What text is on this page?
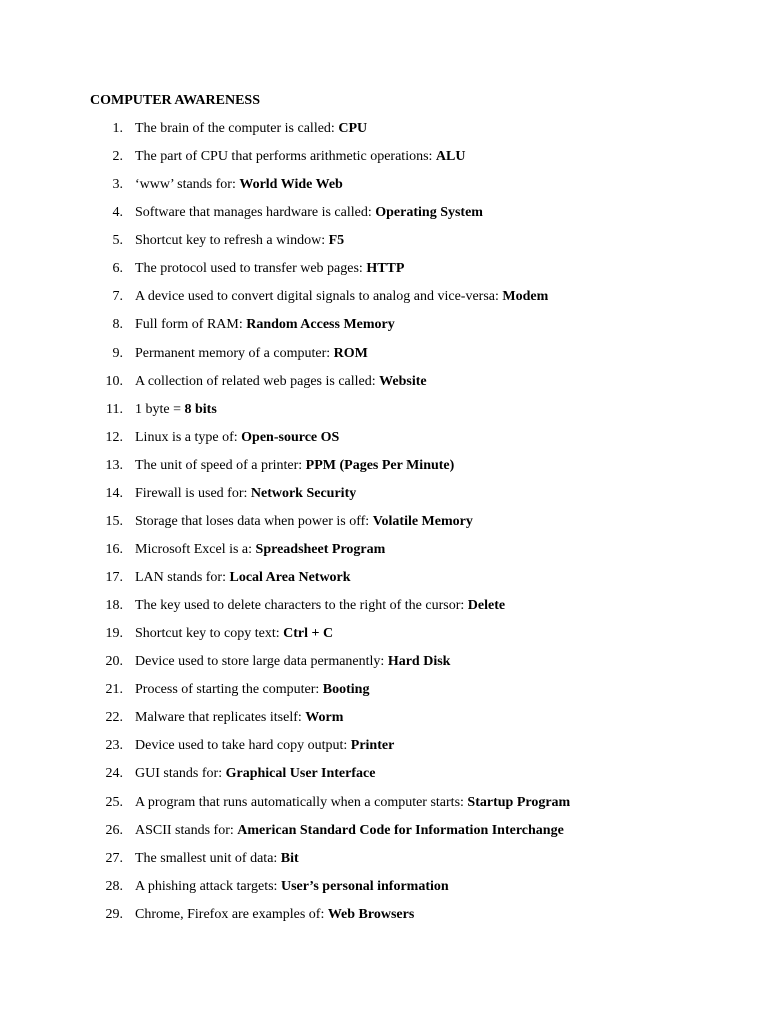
COMPUTER AWARENESS
1. The brain of the computer is called: CPU
2. The part of CPU that performs arithmetic operations: ALU
3. ‘www’ stands for: World Wide Web
4. Software that manages hardware is called: Operating System
5. Shortcut key to refresh a window: F5
6. The protocol used to transfer web pages: HTTP
7. A device used to convert digital signals to analog and vice-versa: Modem
8. Full form of RAM: Random Access Memory
9. Permanent memory of a computer: ROM
10. A collection of related web pages is called: Website
11. 1 byte = 8 bits
12. Linux is a type of: Open-source OS
13. The unit of speed of a printer: PPM (Pages Per Minute)
14. Firewall is used for: Network Security
15. Storage that loses data when power is off: Volatile Memory
16. Microsoft Excel is a: Spreadsheet Program
17. LAN stands for: Local Area Network
18. The key used to delete characters to the right of the cursor: Delete
19. Shortcut key to copy text: Ctrl + C
20. Device used to store large data permanently: Hard Disk
21. Process of starting the computer: Booting
22. Malware that replicates itself: Worm
23. Device used to take hard copy output: Printer
24. GUI stands for: Graphical User Interface
25. A program that runs automatically when a computer starts: Startup Program
26. ASCII stands for: American Standard Code for Information Interchange
27. The smallest unit of data: Bit
28. A phishing attack targets: User’s personal information
29. Chrome, Firefox are examples of: Web Browsers
